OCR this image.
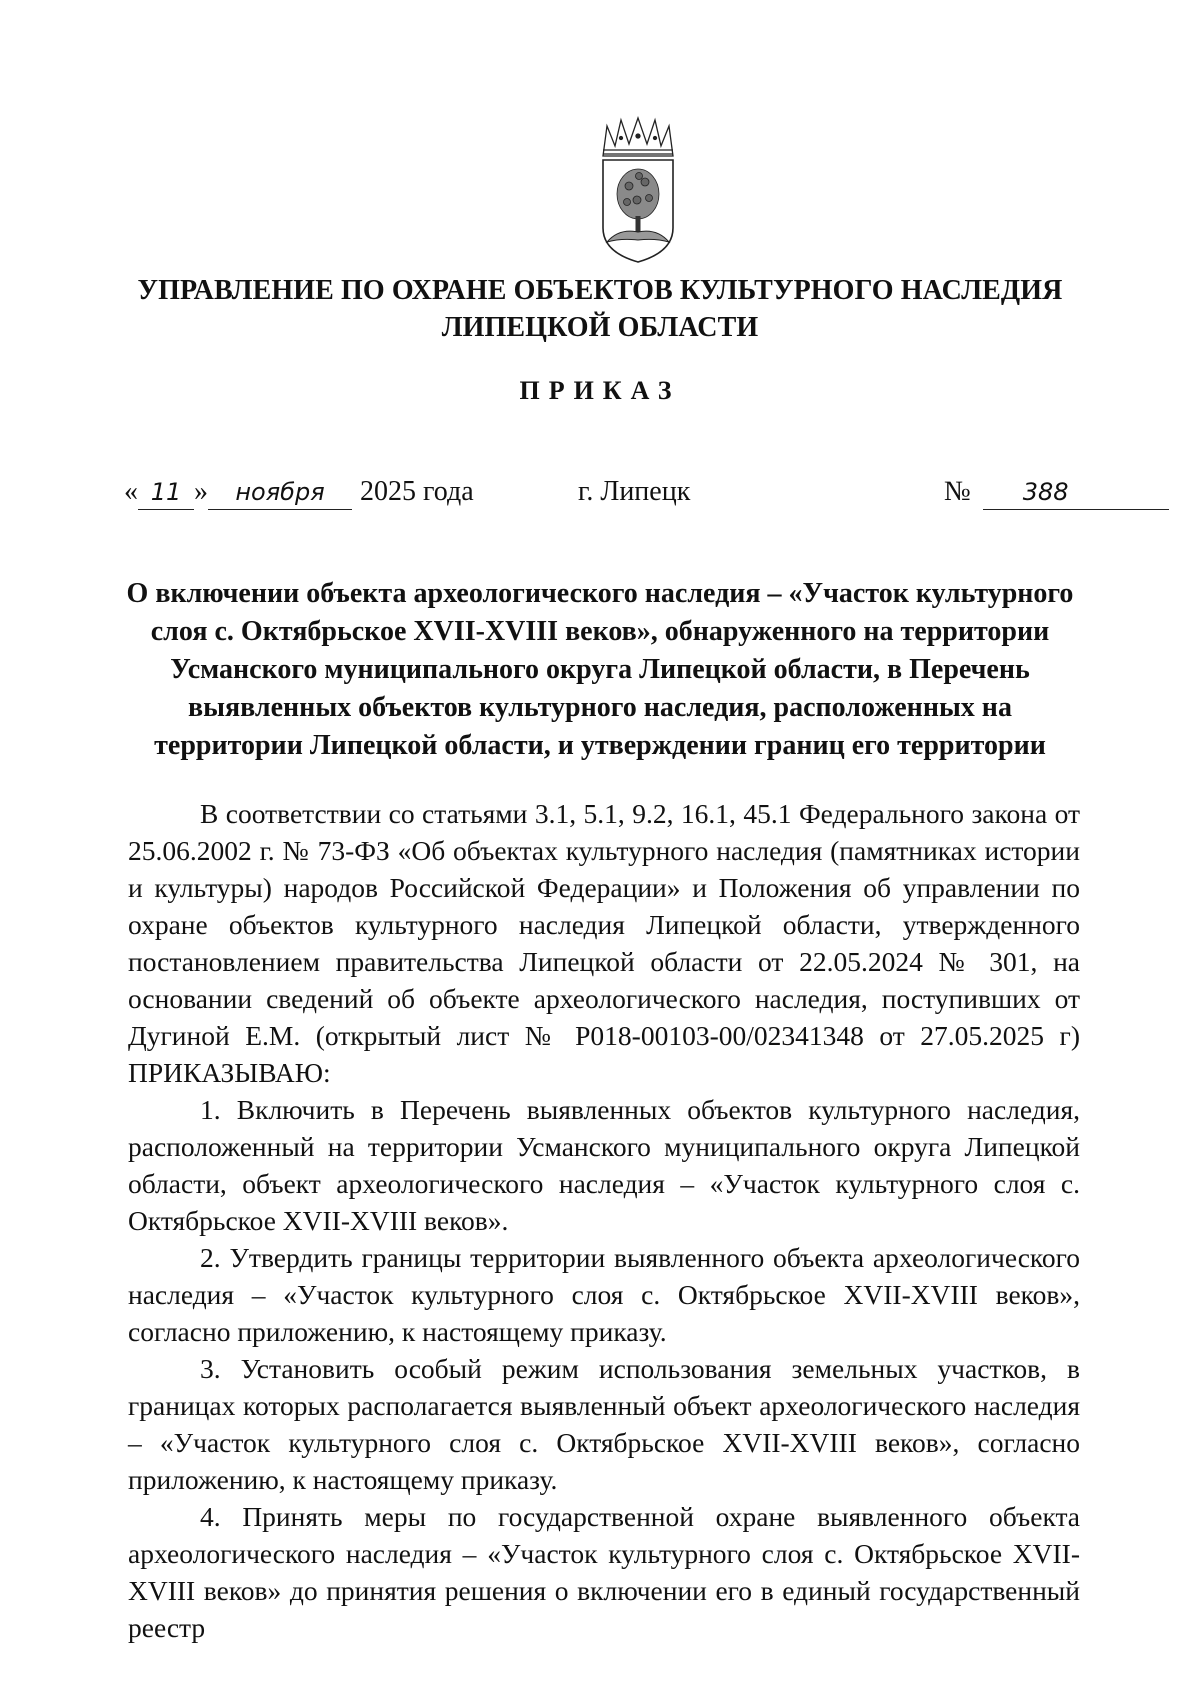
УПРАВЛЕНИЕ ПО ОХРАНЕ ОБЪЕКТОВ КУЛЬТУРНОГО НАСЛЕДИЯ
ЛИПЕЦКОЙ ОБЛАСТИ
ПРИКАЗ
« 11 » ноября 2025 года	г. Липецк	№ 388
О включении объекта археологического наследия – «Участок культурного слоя с. Октябрьское XVII-XVIII веков», обнаруженного на территории Усманского муниципального округа Липецкой области, в Перечень выявленных объектов культурного наследия, расположенных на территории Липецкой области, и утверждении границ его территории

В соответствии со статьями 3.1, 5.1, 9.2, 16.1, 45.1 Федерального закона от 25.06.2002 г. № 73-ФЗ «Об объектах культурного наследия (памятниках истории и культуры) народов Российской Федерации» и Положения об управлении по охране объектов культурного наследия Липецкой области, утвержденного постановлением правительства Липецкой области от 22.05.2024 № 301, на основании сведений об объекте археологического наследия, поступивших от Дугиной Е.М. (открытый лист № Р018-00103-00/02341348 от 27.05.2025 г) ПРИКАЗЫВАЮ:

1. Включить в Перечень выявленных объектов культурного наследия, расположенный на территории Усманского муниципального округа Липецкой области, объект археологического наследия – «Участок культурного слоя с. Октябрьское XVII-XVIII веков».

2. Утвердить границы территории выявленного объекта археологического наследия – «Участок культурного слоя с. Октябрьское XVII-XVIII веков», согласно приложению, к настоящему приказу.

3. Установить особый режим использования земельных участков, в границах которых располагается выявленный объект археологического наследия – «Участок культурного слоя с. Октябрьское XVII-XVIII веков», согласно приложению, к настоящему приказу.

4. Принять меры по государственной охране выявленного объекта археологического наследия – «Участок культурного слоя с. Октябрьское XVII-XVIII веков» до принятия решения о включении его в единый государственный реестр
